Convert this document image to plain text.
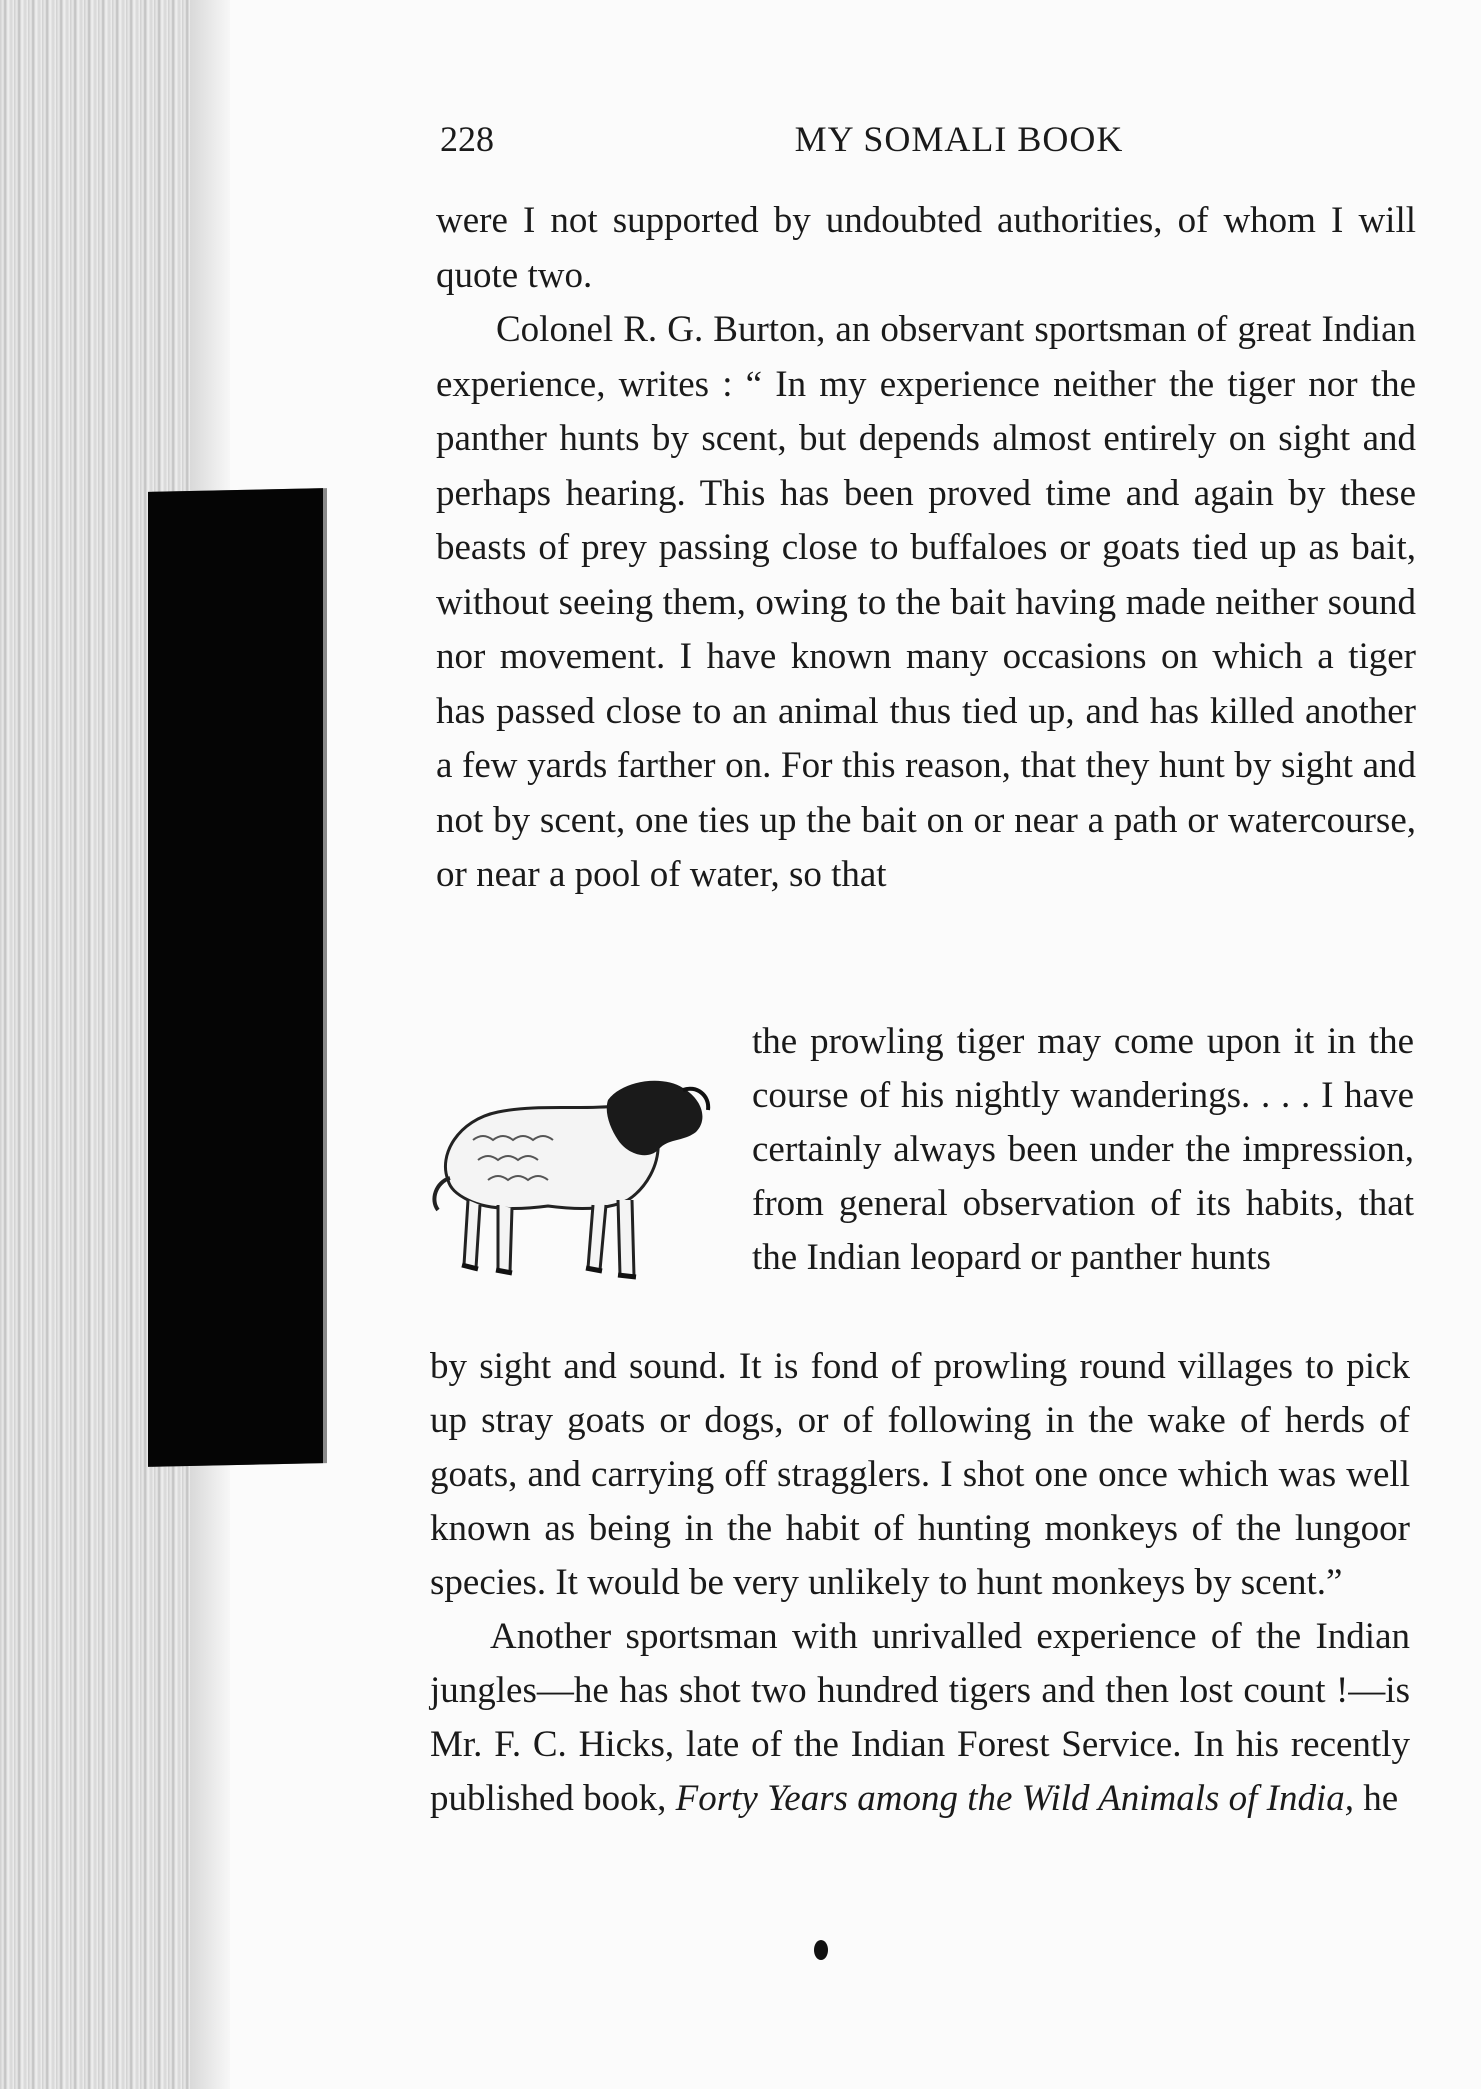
228	MY SOMALI BOOK

were I not supported by undoubted authorities, of whom I will quote two.

Colonel R. G. Burton, an observant sportsman of great Indian experience, writes : “ In my experience neither the tiger nor the panther hunts by scent, but depends almost entirely on sight and perhaps hearing. This has been proved time and again by these beasts of prey passing close to buffaloes or goats tied up as bait, without seeing them, owing to the bait having made neither sound nor movement. I have known many occasions on which a tiger has passed close to an animal thus tied up, and has killed another a few yards farther on. For this reason, that they hunt by sight and not by scent, one ties up the bait on or near a path or watercourse, or near a pool of water, so that

the prowling tiger may come upon it in the course of his nightly wanderings. . . . I have certainly always been under the impression, from general observation of its habits, that the Indian leopard or panther hunts

by sight and sound. It is fond of prowling round villages to pick up stray goats or dogs, or of following in the wake of herds of goats, and carrying off stragglers. I shot one once which was well known as being in the habit of hunting monkeys of the lungoor species. It would be very unlikely to hunt monkeys by scent.”

Another sportsman with unrivalled experience of the Indian jungles—he has shot two hundred tigers and then lost count !—is Mr. F. C. Hicks, late of the Indian Forest Service. In his recently published book, Forty Years among the Wild Animals of India, he
